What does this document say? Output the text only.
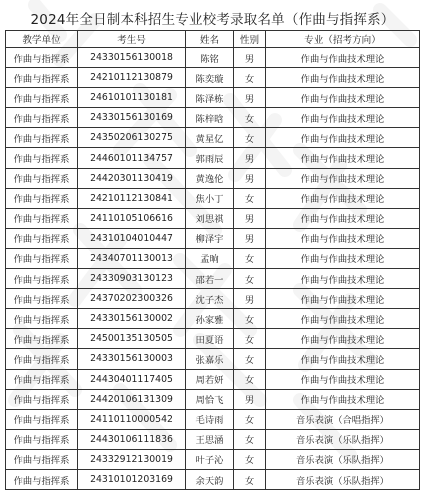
2024年全日制本科招生专业校考录取名单（作曲与指挥系）
教学单位	考生号	姓名	性别	专业（招考方向）
作曲与指挥系	24330156130018	陈铭	男	作曲与作曲技术理论
作曲与指挥系	24210112130879	陈奕璇	女	作曲与作曲技术理论
作曲与指挥系	24610101130181	陈泽栋	男	作曲与作曲技术理论
作曲与指挥系	24330156130169	陈梓晗	女	作曲与作曲技术理论
作曲与指挥系	24350206130275	黄星亿	女	作曲与作曲技术理论
作曲与指挥系	24460101134757	郭雨辰	男	作曲与作曲技术理论
作曲与指挥系	24420301130419	黄逸伦	男	作曲与作曲技术理论
作曲与指挥系	24210112130841	焦小丁	女	作曲与作曲技术理论
作曲与指挥系	24110105106616	刘思祺	男	作曲与作曲技术理论
作曲与指挥系	24310104010447	柳泽宇	男	作曲与作曲技术理论
作曲与指挥系	24340701130013	孟晌	女	作曲与作曲技术理论
作曲与指挥系	24330903130123	邵若一	女	作曲与作曲技术理论
作曲与指挥系	24370202300326	沈子杰	男	作曲与作曲技术理论
作曲与指挥系	24330156130002	孙家雅	女	作曲与作曲技术理论
作曲与指挥系	24500135130505	田夏语	女	作曲与作曲技术理论
作曲与指挥系	24330156130003	张嘉乐	女	作曲与作曲技术理论
作曲与指挥系	24430401117405	周若妍	女	作曲与作曲技术理论
作曲与指挥系	24420106131309	周恰飞	男	作曲与作曲技术理论
作曲与指挥系	24110110000542	毛诗雨	女	音乐表演（合唱指挥）
作曲与指挥系	24430106111836	王思涵	女	音乐表演（乐队指挥）
作曲与指挥系	24332912130019	叶子沁	女	音乐表演（乐队指挥）
作曲与指挥系	24310101203169	余天韵	女	音乐表演（乐队指挥）
